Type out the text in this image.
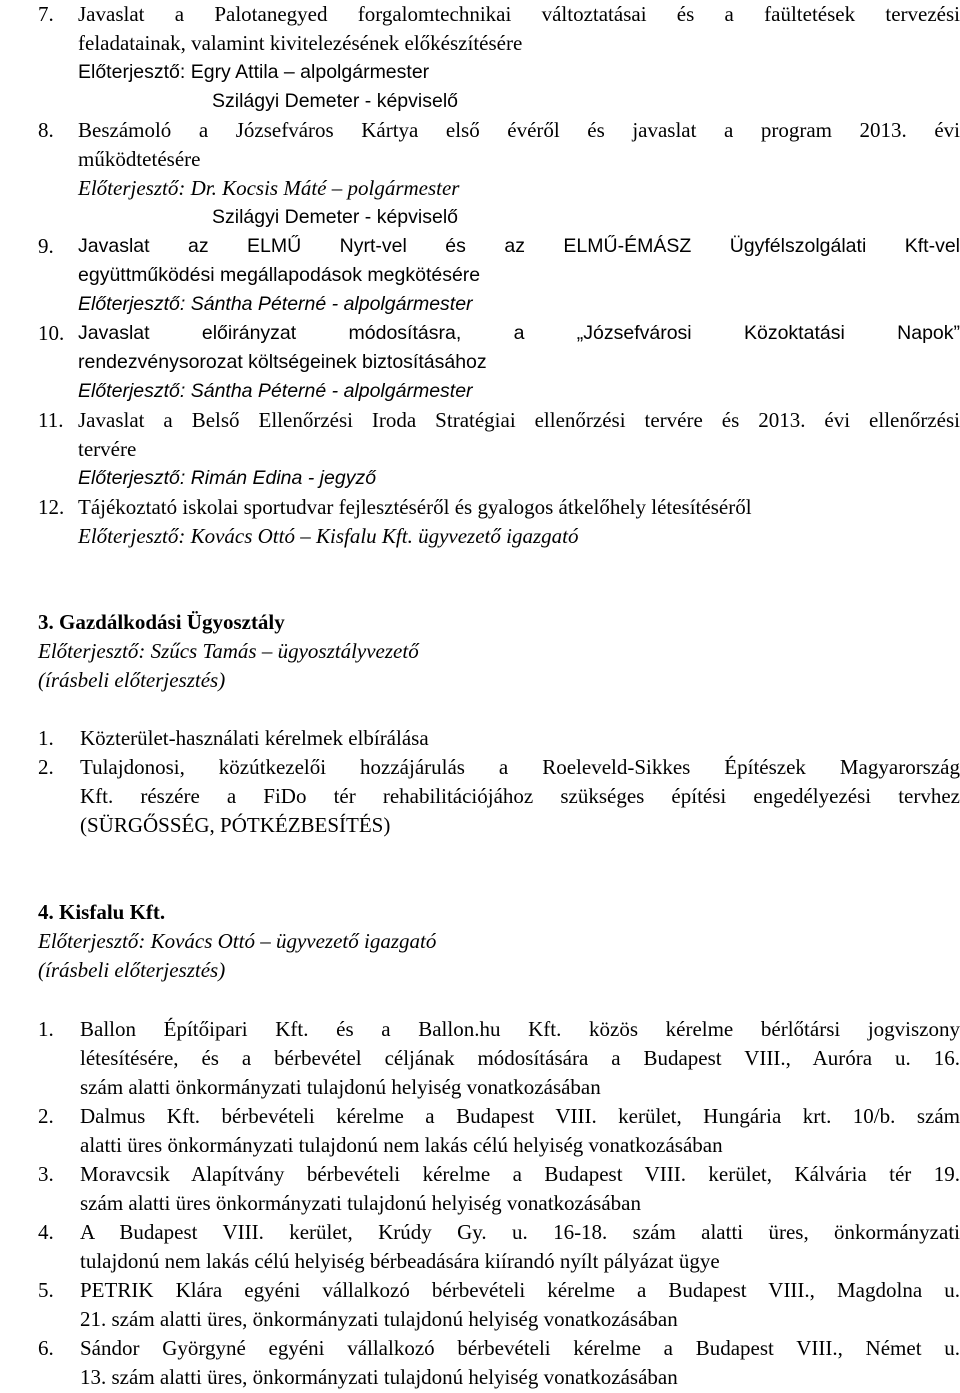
7.	Javaslat a Palotanegyed forgalomtechnikai változtatásai és a faültetések tervezési
feladatainak, valamint kivitelezésének előkészítésére
Előterjesztő: Egry Attila – alpolgármester
Szilágyi Demeter - képviselő
8.	Beszámoló a Józsefváros Kártya első évéről és javaslat a program 2013. évi
működtetésére
Előterjesztő: Dr. Kocsis Máté – polgármester
Szilágyi Demeter - képviselő
9.	Javaslat az ELMŰ Nyrt-vel és az ELMŰ-ÉMÁSZ Ügyfélszolgálati Kft-vel
együttműködési megállapodások megkötésére
Előterjesztő: Sántha Péterné - alpolgármester
10. Javaslat előirányzat módosításra, a „Józsefvárosi Közoktatási Napok”
rendezvénysorozat költségeinek biztosításához
Előterjesztő: Sántha Péterné - alpolgármester
11. Javaslat a Belső Ellenőrzési Iroda Stratégiai ellenőrzési tervére és 2013. évi ellenőrzési
tervére
Előterjesztő: Rimán Edina - jegyző
12. Tájékoztató iskolai sportudvar fejlesztéséről és gyalogos átkelőhely létesítéséről
Előterjesztő: Kovács Ottó – Kisfalu Kft. ügyvezető igazgató
3. Gazdálkodási Ügyosztály
Előterjesztő: Szűcs Tamás – ügyosztályvezető
(írásbeli előterjesztés)
1.	Közterület-használati kérelmek elbírálása
2.	Tulajdonosi, közútkezelői hozzájárulás a Roeleveld-Sikkes Építészek Magyarország
Kft. részére a FiDo tér rehabilitációjához szükséges építési engedélyezési tervhez
(SÜRGŐSSÉG, PÓTKÉZBESÍTÉS)
4. Kisfalu Kft.
Előterjesztő: Kovács Ottó – ügyvezető igazgató
(írásbeli előterjesztés)
1.	Ballon Építőipari Kft. és a Ballon.hu Kft. közös kérelme bérlőtársi jogviszony
létesítésére, és a bérbevétel céljának módosítására a Budapest VIII., Auróra u. 16.
szám alatti önkormányzati tulajdonú helyiség vonatkozásában
2.	Dalmus Kft. bérbevételi kérelme a Budapest VIII. kerület, Hungária krt. 10/b. szám
alatti üres önkormányzati tulajdonú nem lakás célú helyiség vonatkozásában
3.	Moravcsik Alapítvány bérbevételi kérelme a Budapest VIII. kerület, Kálvária tér 19.
szám alatti üres önkormányzati tulajdonú helyiség vonatkozásában
4.	A Budapest VIII. kerület, Krúdy Gy. u. 16-18. szám alatti üres, önkormányzati
tulajdonú nem lakás célú helyiség bérbeadására kiírandó nyílt pályázat ügye
5.	PETRIK Klára egyéni vállalkozó bérbevételi kérelme a Budapest VIII., Magdolna u.
21. szám alatti üres, önkormányzati tulajdonú helyiség vonatkozásában
6.	Sándor Györgyné egyéni vállalkozó bérbevételi kérelme a Budapest VIII., Német u.
13. szám alatti üres, önkormányzati tulajdonú helyiség vonatkozásában
